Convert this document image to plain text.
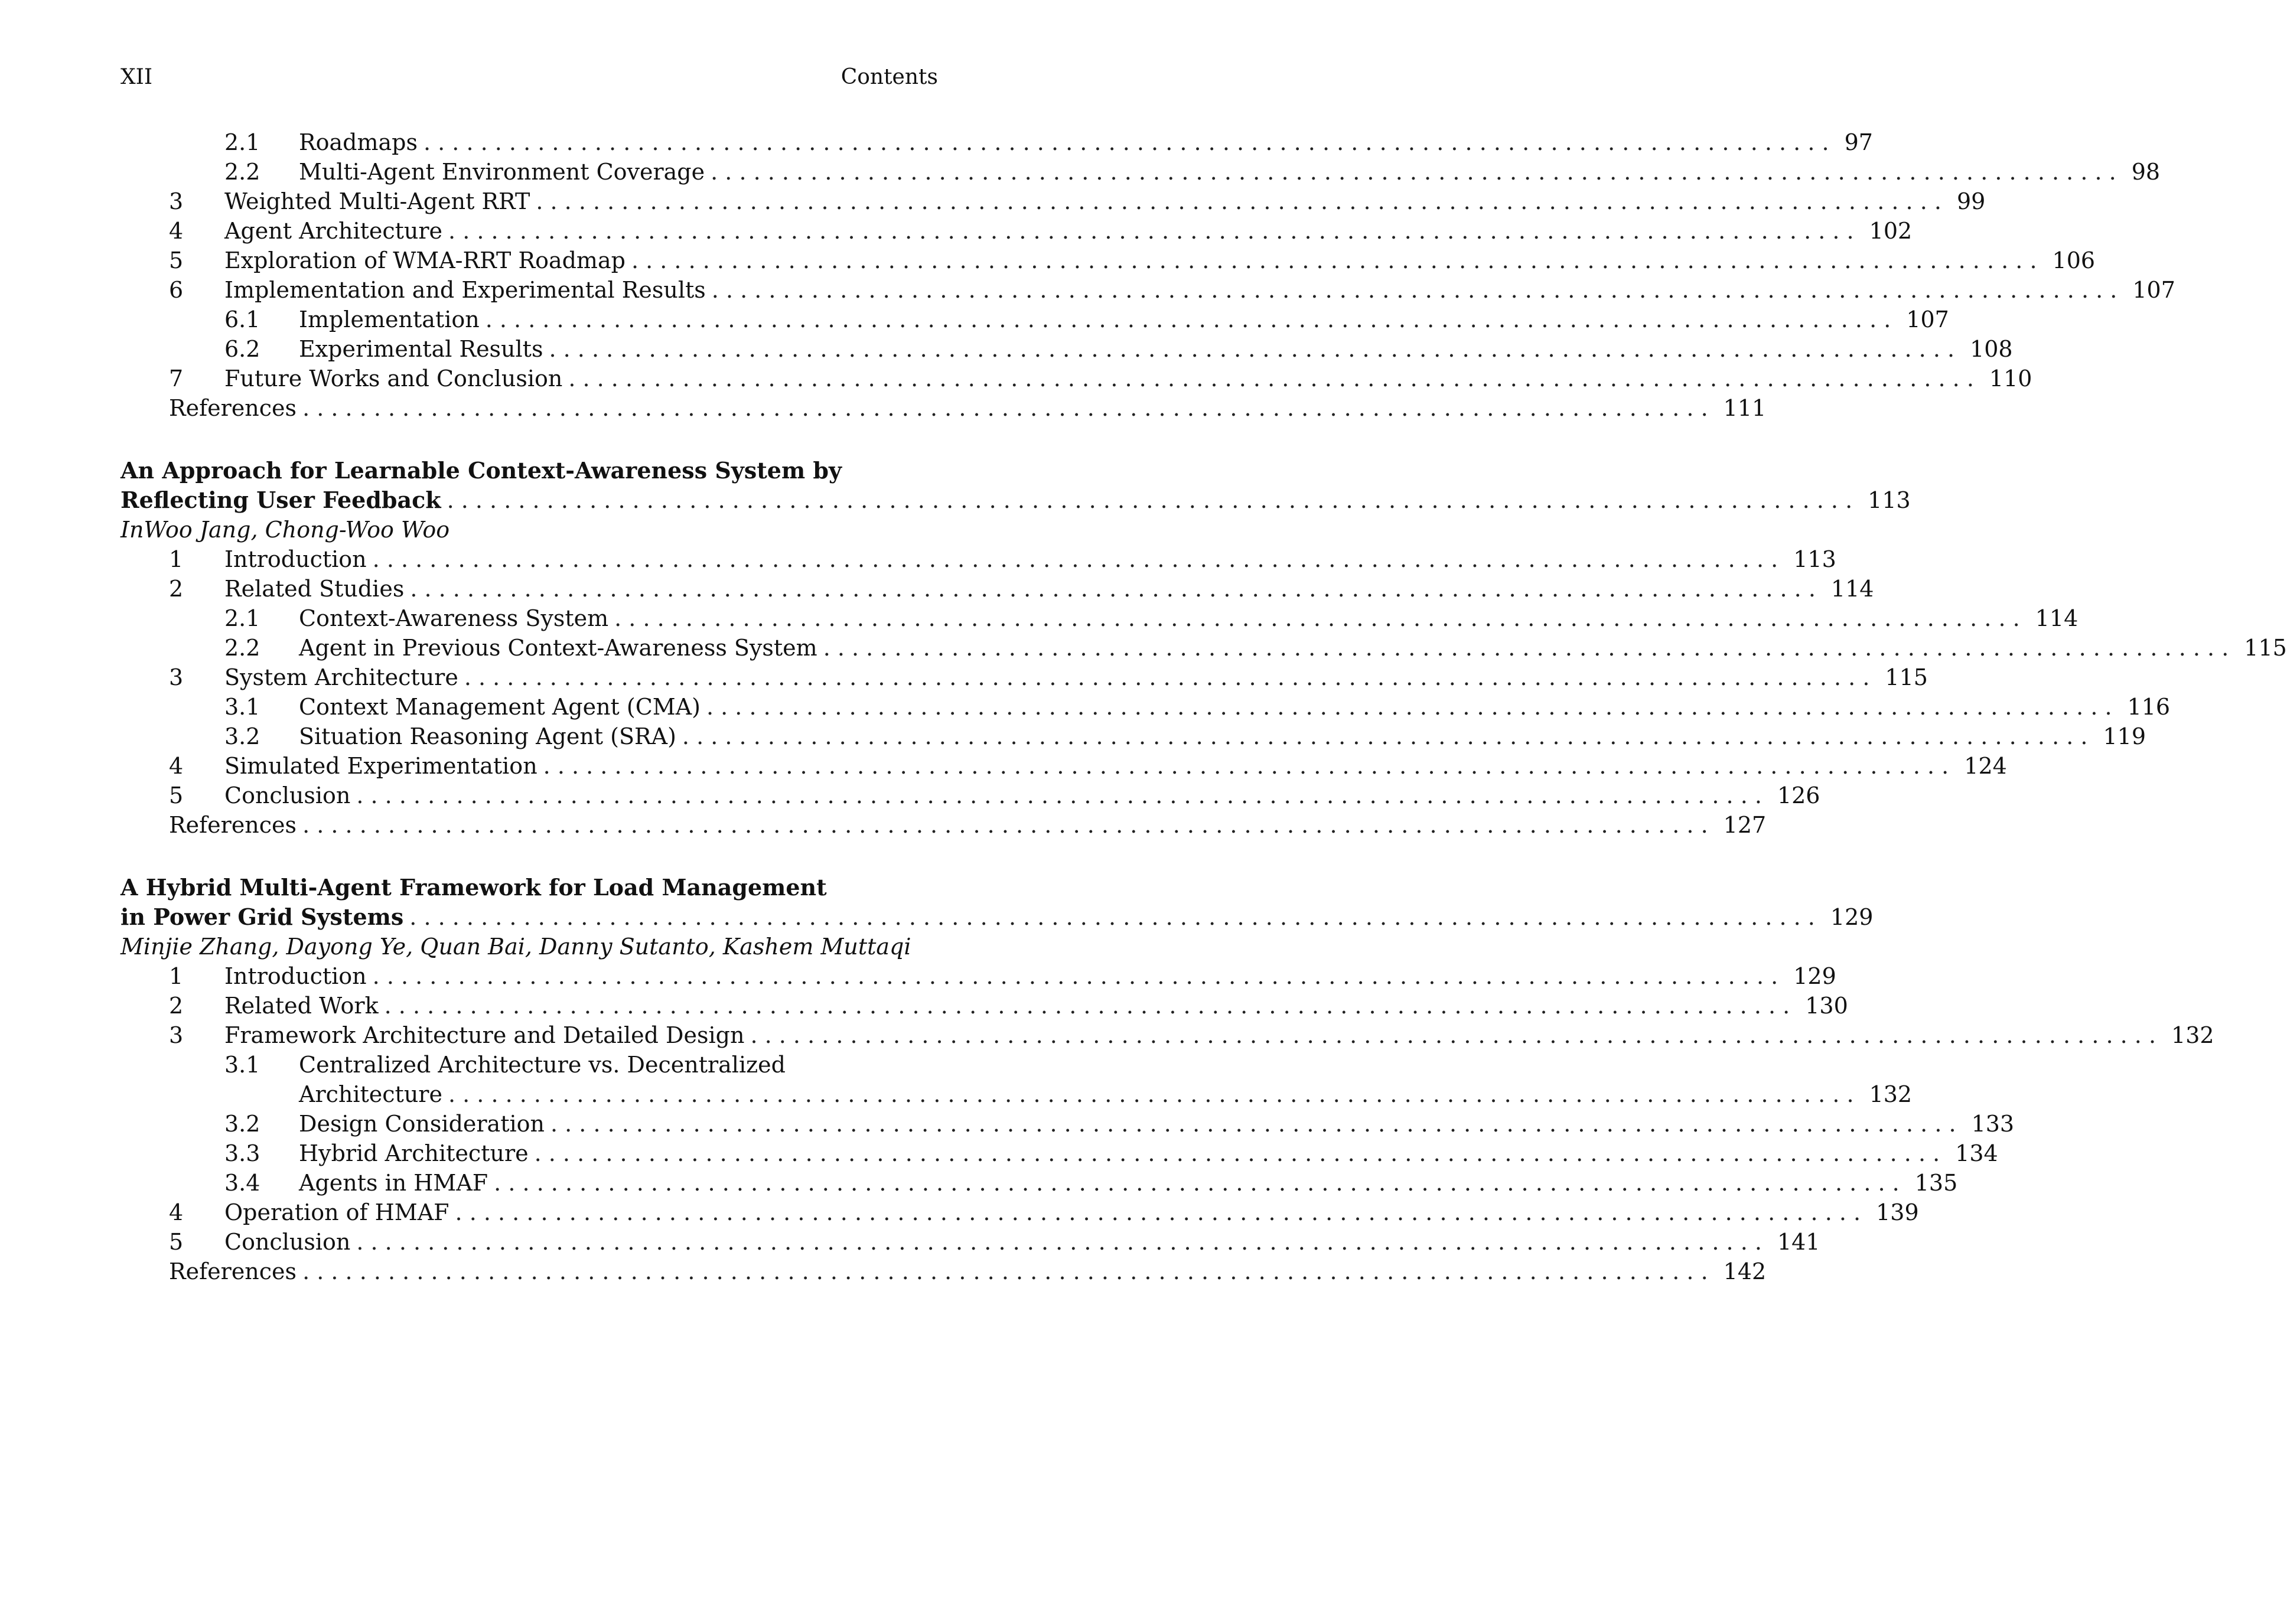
XII	Contents
2.1 Roadmaps . . . . . . . . . . . . . . . . . . . . . . . . . . . . . . . . . . . . . . . . . . . . . . . . . . . . . . . . . . . . . . . . . . . . . . . . . . . . . . . . . . . . . . . . . . . . . . . . . . . 97
2.2 Multi-Agent Environment Coverage . . . . . . . . . . . . . . . . . . . . . . . . . . . . . . . . . . . . . . . . . . . . . . . . . . . . . . . . . . . . . . . . . . . . . . . . . . . . . . . . . . . . . . . . . . . . . . . . . . . 98
3 Weighted Multi-Agent RRT . . . . . . . . . . . . . . . . . . . . . . . . . . . . . . . . . . . . . . . . . . . . . . . . . . . . . . . . . . . . . . . . . . . . . . . . . . . . . . . . . . . . . . . . . . . . . . . . . . . 99
4 Agent Architecture . . . . . . . . . . . . . . . . . . . . . . . . . . . . . . . . . . . . . . . . . . . . . . . . . . . . . . . . . . . . . . . . . . . . . . . . . . . . . . . . . . . . . . . . . . . . . . . . . . . 102
5 Exploration of WMA-RRT Roadmap . . . . . . . . . . . . . . . . . . . . . . . . . . . . . . . . . . . . . . . . . . . . . . . . . . . . . . . . . . . . . . . . . . . . . . . . . . . . . . . . . . . . . . . . . . . . . . . . . . . 106
6 Implementation and Experimental Results . . . . . . . . . . . . . . . . . . . . . . . . . . . . . . . . . . . . . . . . . . . . . . . . . . . . . . . . . . . . . . . . . . . . . . . . . . . . . . . . . . . . . . . . . . . . . . . . . . . 107
6.1 Implementation . . . . . . . . . . . . . . . . . . . . . . . . . . . . . . . . . . . . . . . . . . . . . . . . . . . . . . . . . . . . . . . . . . . . . . . . . . . . . . . . . . . . . . . . . . . . . . . . . . . 107
6.2 Experimental Results . . . . . . . . . . . . . . . . . . . . . . . . . . . . . . . . . . . . . . . . . . . . . . . . . . . . . . . . . . . . . . . . . . . . . . . . . . . . . . . . . . . . . . . . . . . . . . . . . . . 108
7 Future Works and Conclusion . . . . . . . . . . . . . . . . . . . . . . . . . . . . . . . . . . . . . . . . . . . . . . . . . . . . . . . . . . . . . . . . . . . . . . . . . . . . . . . . . . . . . . . . . . . . . . . . . . . 110
References . . . . . . . . . . . . . . . . . . . . . . . . . . . . . . . . . . . . . . . . . . . . . . . . . . . . . . . . . . . . . . . . . . . . . . . . . . . . . . . . . . . . . . . . . . . . . . . . . . . 111
An Approach for Learnable Context-Awareness System by
Reflecting User Feedback . . . . . . . . . . . . . . . . . . . . . . . . . . . . . . . . . . . . . . . . . . . . . . . . . . . . . . . . . . . . . . . . . . . . . . . . . . . . . . . . . . . . . . . . . . . . . . . . . . . 113
InWoo Jang, Chong-Woo Woo
1 Introduction . . . . . . . . . . . . . . . . . . . . . . . . . . . . . . . . . . . . . . . . . . . . . . . . . . . . . . . . . . . . . . . . . . . . . . . . . . . . . . . . . . . . . . . . . . . . . . . . . . . 113
2 Related Studies . . . . . . . . . . . . . . . . . . . . . . . . . . . . . . . . . . . . . . . . . . . . . . . . . . . . . . . . . . . . . . . . . . . . . . . . . . . . . . . . . . . . . . . . . . . . . . . . . . . 114
2.1 Context-Awareness System . . . . . . . . . . . . . . . . . . . . . . . . . . . . . . . . . . . . . . . . . . . . . . . . . . . . . . . . . . . . . . . . . . . . . . . . . . . . . . . . . . . . . . . . . . . . . . . . . . . 114
2.2 Agent in Previous Context-Awareness System . . . . . . . . . . . . . . . . . . . . . . . . . . . . . . . . . . . . . . . . . . . . . . . . . . . . . . . . . . . . . . . . . . . . . . . . . . . . . . . . . . . . . . . . . . . . . . . . . . . 115
3 System Architecture . . . . . . . . . . . . . . . . . . . . . . . . . . . . . . . . . . . . . . . . . . . . . . . . . . . . . . . . . . . . . . . . . . . . . . . . . . . . . . . . . . . . . . . . . . . . . . . . . . . 115
3.1 Context Management Agent (CMA) . . . . . . . . . . . . . . . . . . . . . . . . . . . . . . . . . . . . . . . . . . . . . . . . . . . . . . . . . . . . . . . . . . . . . . . . . . . . . . . . . . . . . . . . . . . . . . . . . . . 116
3.2 Situation Reasoning Agent (SRA) . . . . . . . . . . . . . . . . . . . . . . . . . . . . . . . . . . . . . . . . . . . . . . . . . . . . . . . . . . . . . . . . . . . . . . . . . . . . . . . . . . . . . . . . . . . . . . . . . . . 119
4 Simulated Experimentation . . . . . . . . . . . . . . . . . . . . . . . . . . . . . . . . . . . . . . . . . . . . . . . . . . . . . . . . . . . . . . . . . . . . . . . . . . . . . . . . . . . . . . . . . . . . . . . . . . . 124
5 Conclusion . . . . . . . . . . . . . . . . . . . . . . . . . . . . . . . . . . . . . . . . . . . . . . . . . . . . . . . . . . . . . . . . . . . . . . . . . . . . . . . . . . . . . . . . . . . . . . . . . . . 126
References . . . . . . . . . . . . . . . . . . . . . . . . . . . . . . . . . . . . . . . . . . . . . . . . . . . . . . . . . . . . . . . . . . . . . . . . . . . . . . . . . . . . . . . . . . . . . . . . . . . 127
A Hybrid Multi-Agent Framework for Load Management
in Power Grid Systems . . . . . . . . . . . . . . . . . . . . . . . . . . . . . . . . . . . . . . . . . . . . . . . . . . . . . . . . . . . . . . . . . . . . . . . . . . . . . . . . . . . . . . . . . . . . . . . . . . . 129
Minjie Zhang, Dayong Ye, Quan Bai, Danny Sutanto, Kashem Muttaqi
1 Introduction . . . . . . . . . . . . . . . . . . . . . . . . . . . . . . . . . . . . . . . . . . . . . . . . . . . . . . . . . . . . . . . . . . . . . . . . . . . . . . . . . . . . . . . . . . . . . . . . . . . 129
2 Related Work . . . . . . . . . . . . . . . . . . . . . . . . . . . . . . . . . . . . . . . . . . . . . . . . . . . . . . . . . . . . . . . . . . . . . . . . . . . . . . . . . . . . . . . . . . . . . . . . . . . 130
3 Framework Architecture and Detailed Design . . . . . . . . . . . . . . . . . . . . . . . . . . . . . . . . . . . . . . . . . . . . . . . . . . . . . . . . . . . . . . . . . . . . . . . . . . . . . . . . . . . . . . . . . . . . . . . . . . . 132
3.1 Centralized Architecture vs. Decentralized
Architecture . . . . . . . . . . . . . . . . . . . . . . . . . . . . . . . . . . . . . . . . . . . . . . . . . . . . . . . . . . . . . . . . . . . . . . . . . . . . . . . . . . . . . . . . . . . . . . . . . . . 132
3.2 Design Consideration . . . . . . . . . . . . . . . . . . . . . . . . . . . . . . . . . . . . . . . . . . . . . . . . . . . . . . . . . . . . . . . . . . . . . . . . . . . . . . . . . . . . . . . . . . . . . . . . . . . 133
3.3 Hybrid Architecture . . . . . . . . . . . . . . . . . . . . . . . . . . . . . . . . . . . . . . . . . . . . . . . . . . . . . . . . . . . . . . . . . . . . . . . . . . . . . . . . . . . . . . . . . . . . . . . . . . . 134
3.4 Agents in HMAF . . . . . . . . . . . . . . . . . . . . . . . . . . . . . . . . . . . . . . . . . . . . . . . . . . . . . . . . . . . . . . . . . . . . . . . . . . . . . . . . . . . . . . . . . . . . . . . . . . . 135
4 Operation of HMAF . . . . . . . . . . . . . . . . . . . . . . . . . . . . . . . . . . . . . . . . . . . . . . . . . . . . . . . . . . . . . . . . . . . . . . . . . . . . . . . . . . . . . . . . . . . . . . . . . . . 139
5 Conclusion . . . . . . . . . . . . . . . . . . . . . . . . . . . . . . . . . . . . . . . . . . . . . . . . . . . . . . . . . . . . . . . . . . . . . . . . . . . . . . . . . . . . . . . . . . . . . . . . . . . 141
References . . . . . . . . . . . . . . . . . . . . . . . . . . . . . . . . . . . . . . . . . . . . . . . . . . . . . . . . . . . . . . . . . . . . . . . . . . . . . . . . . . . . . . . . . . . . . . . . . . . 142
